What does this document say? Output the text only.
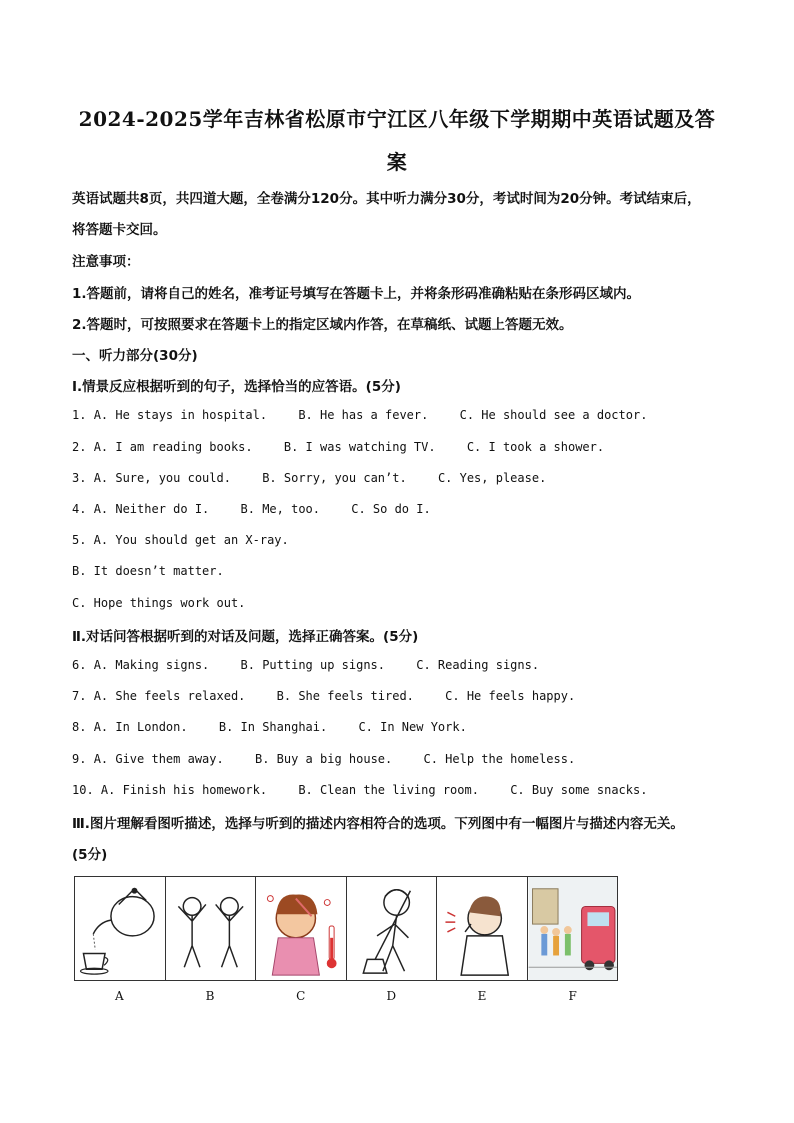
2024-2025学年吉林省松原市宁江区八年级下学期期中英语试题及答
案
英语试题共8页，共四道大题，全卷满分120分。其中听力满分30分，考试时间为20分钟。考试结束后，
将答题卡交回。
注意事项：
1.答题前，请将自己的姓名，准考证号填写在答题卡上，并将条形码准确粘贴在条形码区域内。
2.答题时，可按照要求在答题卡上的指定区域内作答，在草稿纸、试题上答题无效。
一、听力部分(30分)
Ⅰ.情景反应根据听到的句子，选择恰当的应答语。(5分)
1. A. He stays in hospital.	B. He has a fever.	C. He should see a doctor.
2. A. I am reading books.	B. I was watching TV.	C. I took a shower.
3. A. Sure, you could.	B. Sorry, you can’t.	C. Yes, please.
4. A. Neither do I.	B. Me, too.	C. So do I.
5. A. You should get an X-ray.
B. It doesn’t matter.
C. Hope things work out.
Ⅱ.对话问答根据听到的对话及问题，选择正确答案。(5分)
6. A. Making signs.	B. Putting up signs.	C. Reading signs.
7. A. She feels relaxed.	B. She feels tired.	C. He feels happy.
8. A. In London.	B. In Shanghai.	C. In New York.
9. A. Give them away.	B. Buy a big house.	C. Help the homeless.
10. A. Finish his homework.	B. Clean the living room.	C. Buy some snacks.
Ⅲ.图片理解看图听描述，选择与听到的描述内容相符合的选项。下列图中有一幅图片与描述内容无关。
(5分)
A	B	C	D	E	F
